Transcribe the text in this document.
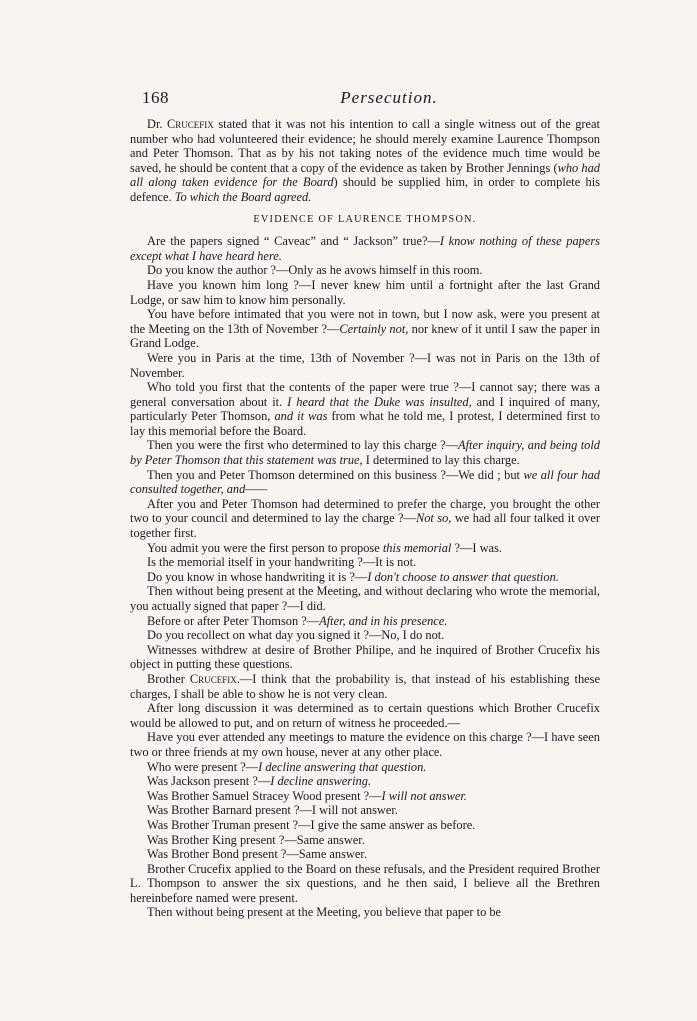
168	Persecution.

Dr. Crucefix stated that it was not his intention to call a single witness out of the great number who had volunteered their evidence; he should merely examine Laurence Thompson and Peter Thomson. That as by his not taking notes of the evidence much time would be saved, he should be content that a copy of the evidence as taken by Brother Jennings (who had all along taken evidence for the Board) should be supplied him, in order to complete his defence. To which the Board agreed.

EVIDENCE OF LAURENCE THOMPSON.

Are the papers signed “ Caveac” and “ Jackson” true?—I know nothing of these papers except what I have heard here.

Do you know the author ?—Only as he avows himself in this room.

Have you known him long ?—I never knew him until a fortnight after the last Grand Lodge, or saw him to know him personally.

You have before intimated that you were not in town, but I now ask, were you present at the Meeting on the 13th of November ?—Certainly not, nor knew of it until I saw the paper in Grand Lodge.

Were you in Paris at the time, 13th of November ?—I was not in Paris on the 13th of November.

Who told you first that the contents of the paper were true ?—I cannot say; there was a general conversation about it. I heard that the Duke was insulted, and I inquired of many, particularly Peter Thomson, and it was from what he told me, I protest, I determined first to lay this memorial before the Board.

Then you were the first who determined to lay this charge ?—After inquiry, and being told by Peter Thomson that this statement was true, I determined to lay this charge.

Then you and Peter Thomson determined on this business ?—We did ; but we all four had consulted together, and——

After you and Peter Thomson had determined to prefer the charge, you brought the other two to your council and determined to lay the charge ?—Not so, we had all four talked it over together first.

You admit you were the first person to propose this memorial ?—I was.

Is the memorial itself in your handwriting ?—It is not.

Do you know in whose handwriting it is ?—I don't choose to answer that question.

Then without being present at the Meeting, and without declaring who wrote the memorial, you actually signed that paper ?—I did.

Before or after Peter Thomson ?—After, and in his presence.

Do you recollect on what day you signed it ?—No, I do not.

Witnesses withdrew at desire of Brother Philipe, and he inquired of Brother Crucefix his object in putting these questions.

Brother Crucefix.—I think that the probability is, that instead of his establishing these charges, I shall be able to show he is not very clean.

After long discussion it was determined as to certain questions which Brother Crucefix would be allowed to put, and on return of witness he proceeded.—

Have you ever attended any meetings to mature the evidence on this charge ?—I have seen two or three friends at my own house, never at any other place.

Who were present ?—I decline answering that question.

Was Jackson present ?—I decline answering.

Was Brother Samuel Stracey Wood present ?—I will not answer.

Was Brother Barnard present ?—I will not answer.

Was Brother Truman present ?—I give the same answer as before.

Was Brother King present ?—Same answer.

Was Brother Bond present ?—Same answer.

Brother Crucefix applied to the Board on these refusals, and the President required Brother L. Thompson to answer the six questions, and he then said, I believe all the Brethren hereinbefore named were present.

Then without being present at the Meeting, you believe that paper to be
